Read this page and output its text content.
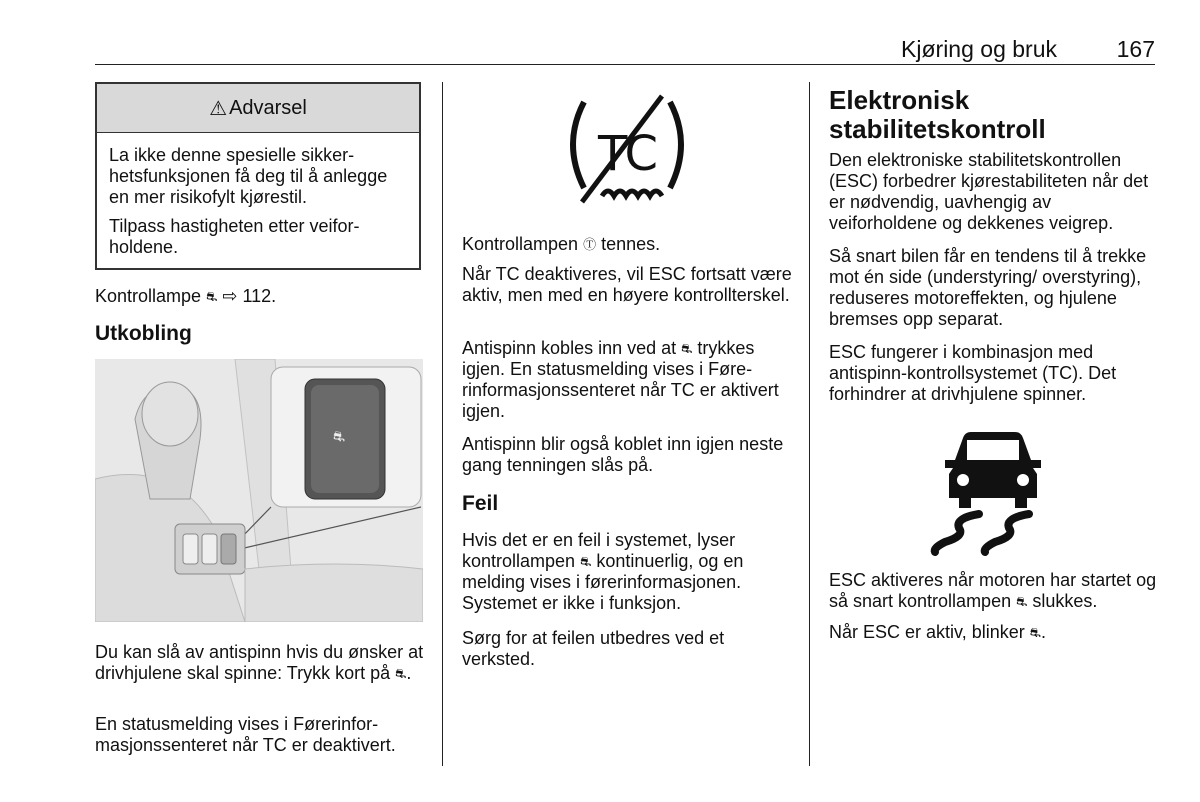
Kjøring og bruk	167
⚠ Advarsel

La ikke denne spesielle sikkerhetsfunksjonen få deg til å anlegge en mer risikofylt kjørestil.

Tilpass hastigheten etter veiforholdene.

Kontrollampe ⛐ ⇨ 112.

Utkobling
⛐

Du kan slå av antispinn hvis du ønsker at drivhjulene skal spinne: Trykk kort på ⛐.

En statusmelding vises i Førerinformasjonssenteret når TC er deaktivert.

TC

Kontrollampen Ⓣ tennes.

Når TC deaktiveres, vil ESC fortsatt være aktiv, men med en høyere kontrollterskel.

Antispinn kobles inn ved at ⛐ trykkes igjen. En statusmelding vises i Førerinformasjonssenteret når TC er aktivert igjen.

Antispinn blir også koblet inn igjen neste gang tenningen slås på.

Feil

Hvis det er en feil i systemet, lyser kontrollampen ⛐ kontinuerlig, og en melding vises i førerinformasjonen. Systemet er ikke i funksjon.

Sørg for at feilen utbedres ved et verksted.

Elektronisk stabilitetskontroll

Den elektroniske stabilitetskontrollen (ESC) forbedrer kjørestabiliteten når det er nødvendig, uavhengig av veiforholdene og dekkenes veigrep.

Så snart bilen får en tendens til å trekke mot én side (understyring/ overstyring), reduseres motoreffekten, og hjulene bremses opp separat.

ESC fungerer i kombinasjon med antispinn-kontrollsystemet (TC). Det forhindrer at drivhjulene spinner.

ESC aktiveres når motoren har startet og så snart kontrollampen ⛐ slukkes.

Når ESC er aktiv, blinker ⛐.
